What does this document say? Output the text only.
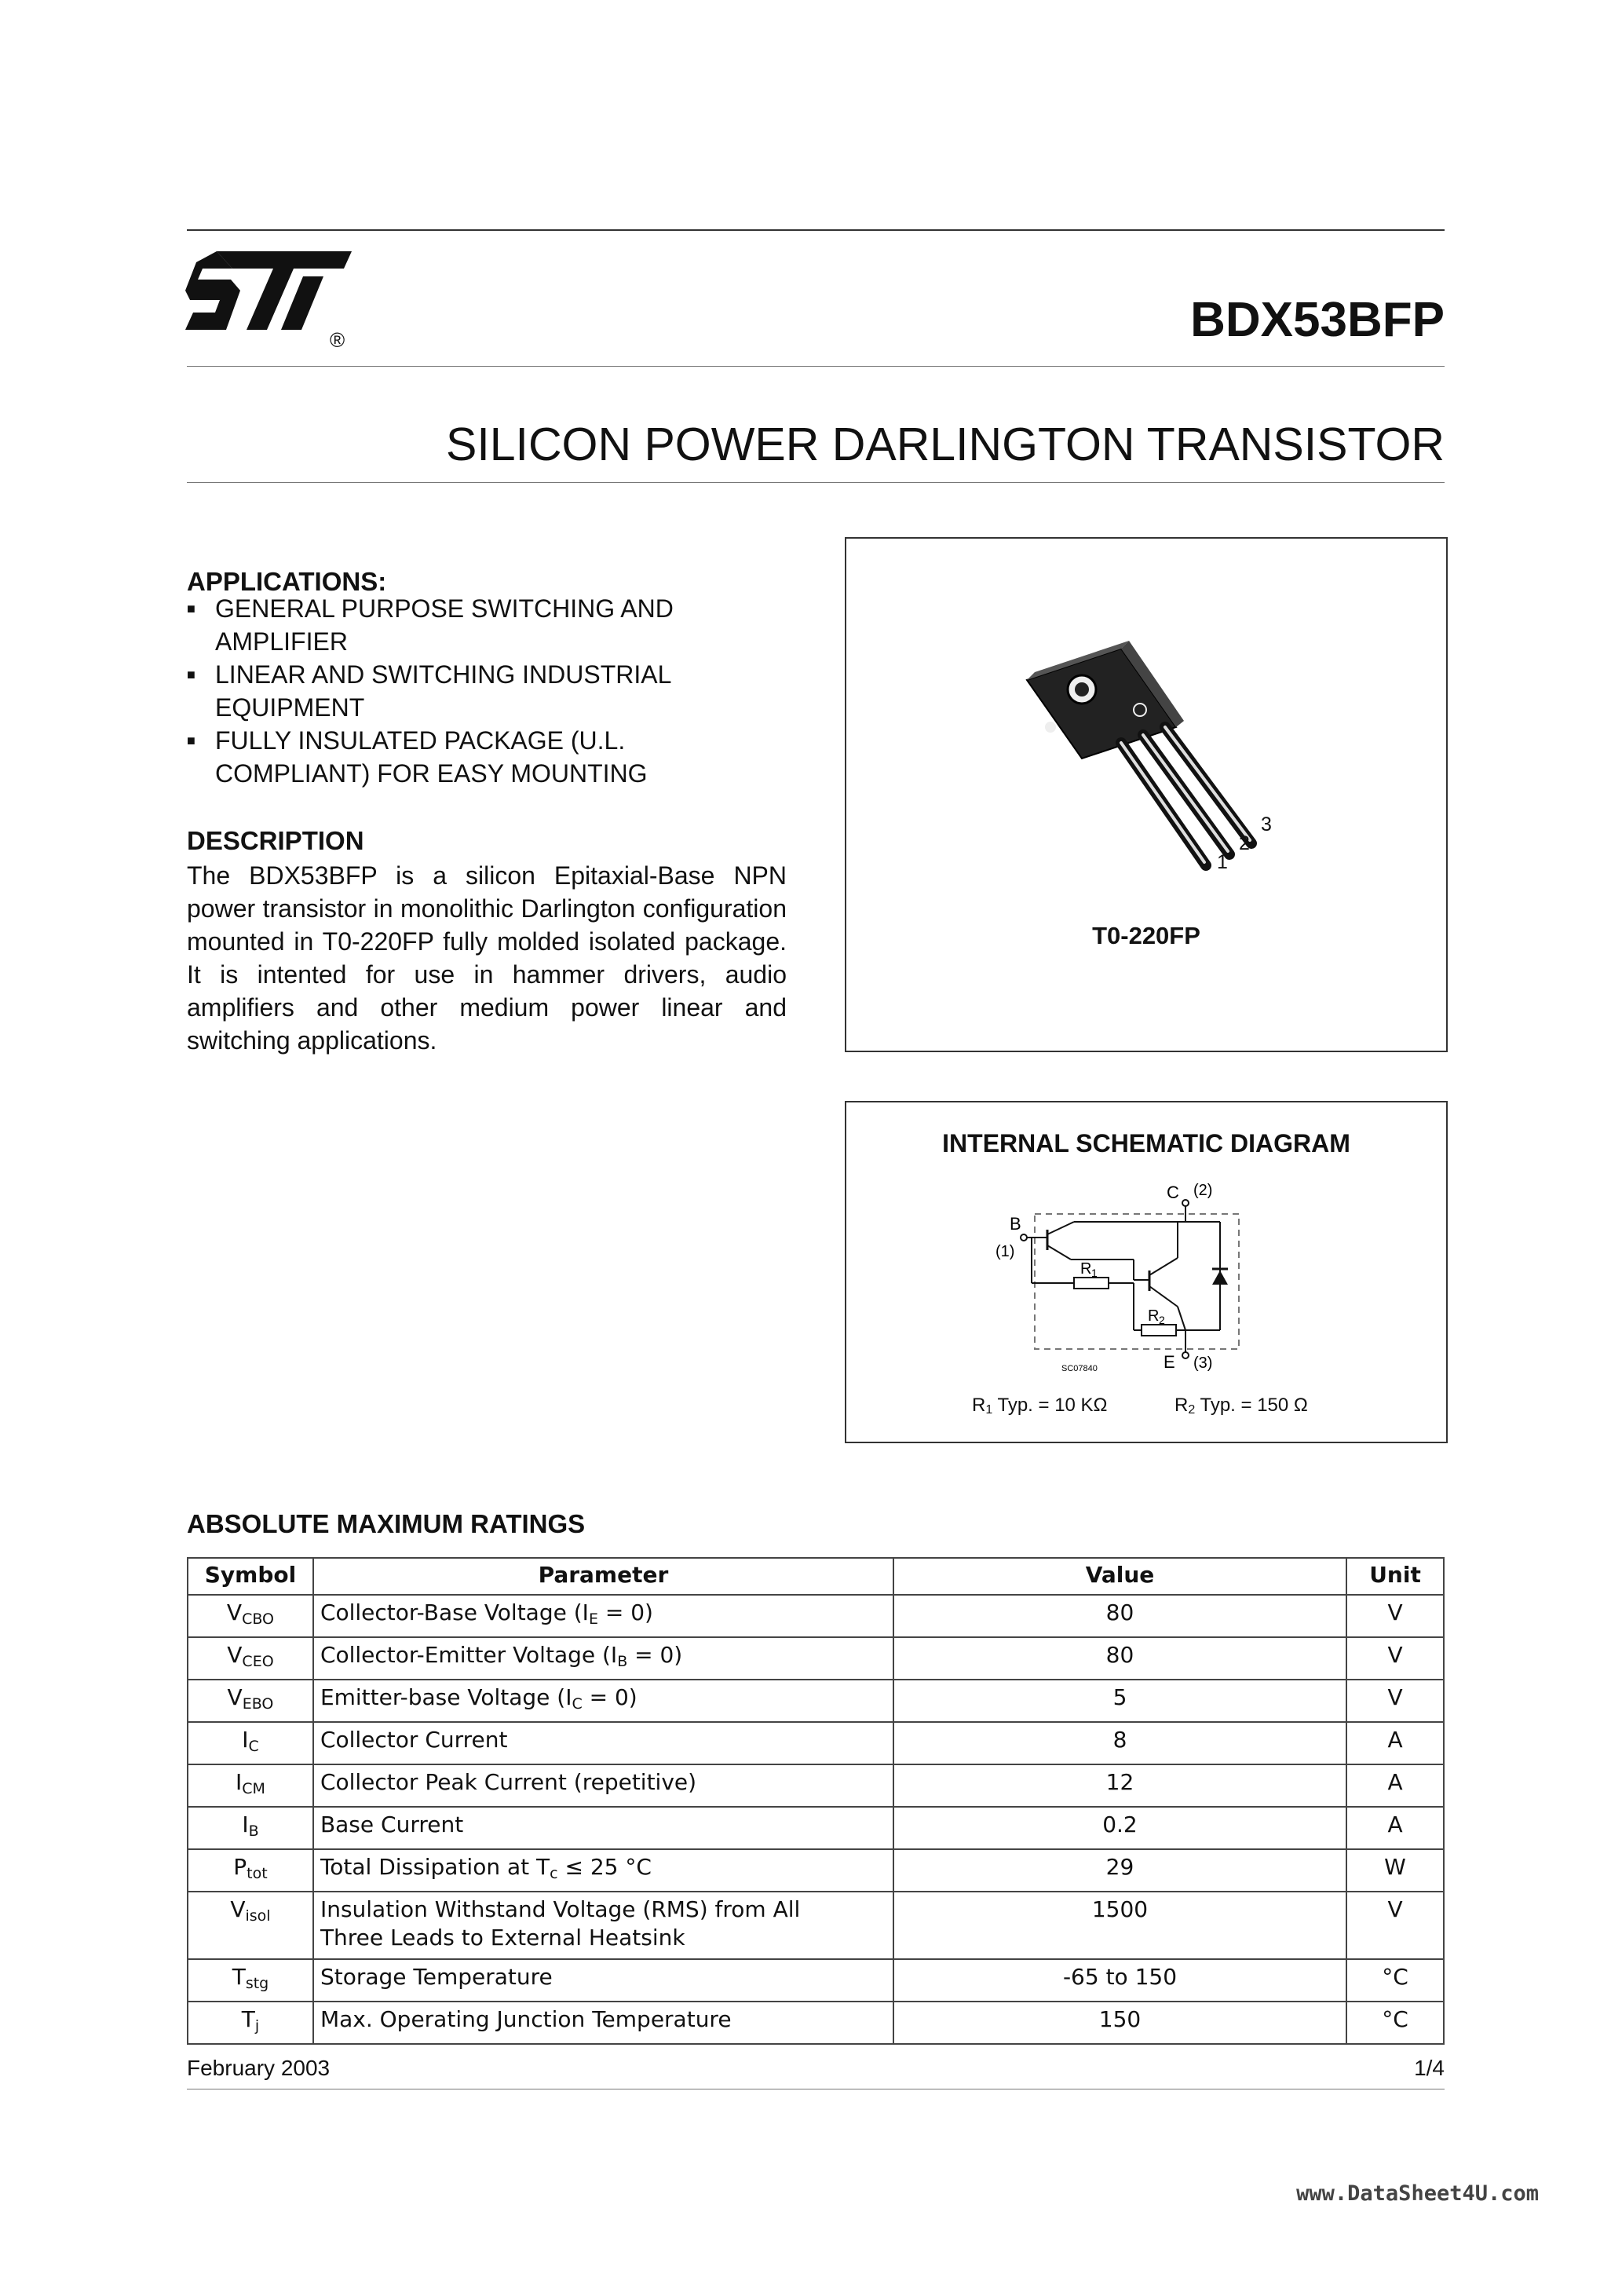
®	BDX53BFP
SILICON POWER DARLINGTON TRANSISTOR
APPLICATIONS:
■ GENERAL PURPOSE SWITCHING AND
AMPLIFIER
■ LINEAR AND SWITCHING INDUSTRIAL
EQUIPMENT
■ FULLY INSULATED PACKAGE (U.L.
COMPLIANT) FOR EASY MOUNTING
DESCRIPTION
The BDX53BFP is a silicon Epitaxial-Base NPN power transistor in monolithic Darlington configuration mounted in T0-220FP fully molded isolated package. It is intented for use in hammer drivers, audio amplifiers and other medium power linear and switching applications.
1
2
3
T0-220FP
INTERNAL SCHEMATIC DIAGRAM
C (2)
B
(1)
E (3)
R 1
R 2
SC07840
$R_1$ Typ. = 10 KΩ	$R_2$ Typ. = 150 Ω
ABSOLUTE MAXIMUM RATINGS
Symbol	Parameter	Value	Unit
$V_{CBO}$	Collector-Base Voltage $(I_E = 0)$	80	V
$V_{CEO}$	Collector-Emitter Voltage $(I_B = 0)$	80	V
$V_{EBO}$	Emitter-base Voltage $(I_C = 0)$	5	V
$I_C$	Collector Current	8	A
$I_{CM}$	Collector Peak Current (repetitive)	12	A
$I_B$	Base Current	0.2	A
$P_{tot}$	Total Dissipation at $T_c \le 25$ °C	29	W
$V_{isol}$	Insulation Withstand Voltage (RMS) from All
Three Leads to External Heatsink	1500	V
$T_{stg}$	Storage Temperature	-65 to 150	°C
$T_j$	Max. Operating Junction Temperature	150	°C
February 2003	1/4
www.DataSheet4U.com
